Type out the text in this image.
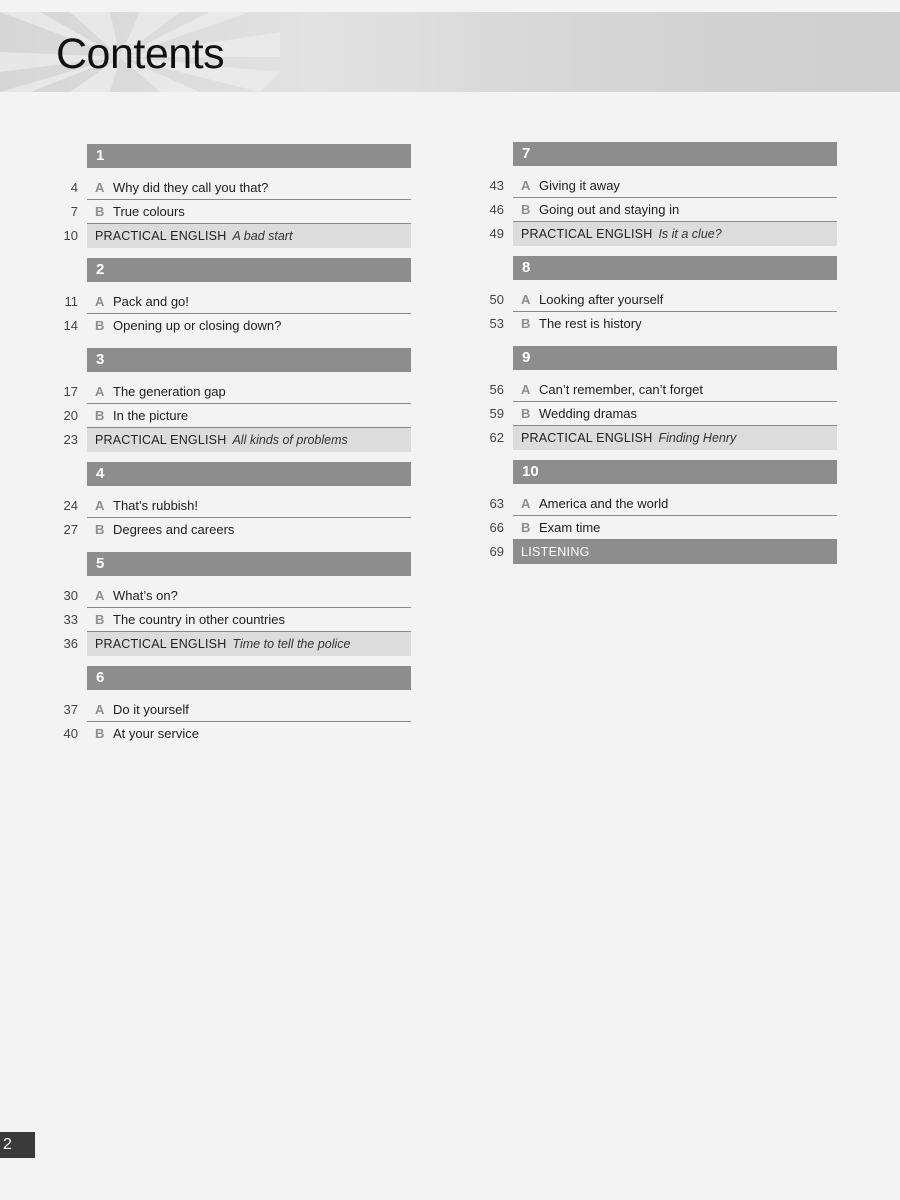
Contents
1
4	A Why did they call you that?
7	B True colours
10	PRACTICAL ENGLISH A bad start
2
11	A Pack and go!
14	B Opening up or closing down?
3
17	A The generation gap
20	B In the picture
23	PRACTICAL ENGLISH All kinds of problems
4
24	A That’s rubbish!
27	B Degrees and careers
5
30	A What’s on?
33	B The country in other countries
36	PRACTICAL ENGLISH Time to tell the police
6
37	A Do it yourself
40	B At your service
7
43	A Giving it away
46	B Going out and staying in
49	PRACTICAL ENGLISH Is it a clue?
8
50	A Looking after yourself
53	B The rest is history
9
56	A Can’t remember, can’t forget
59	B Wedding dramas
62	PRACTICAL ENGLISH Finding Henry
10
63	A America and the world
66	B Exam time
69	LISTENING
2
